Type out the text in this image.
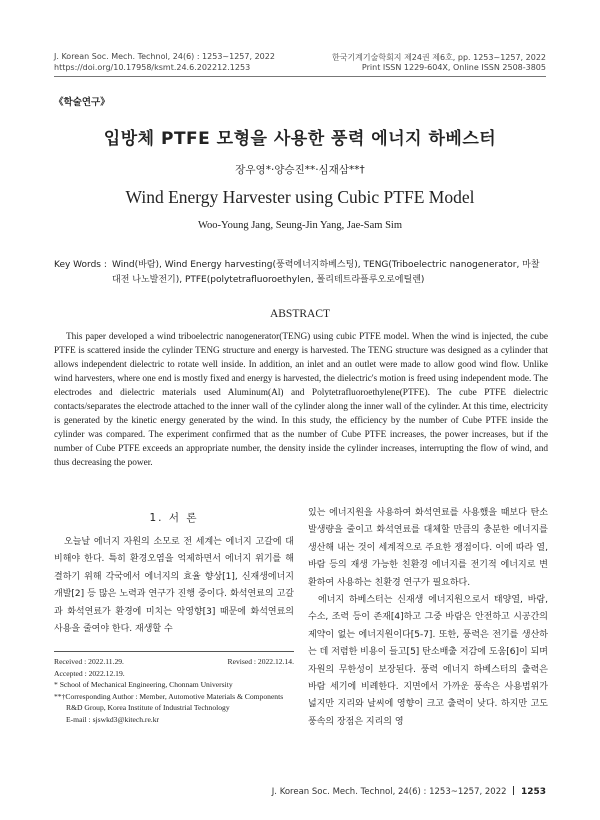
J. Korean Soc. Mech. Technol, 24(6) : 1253~1257, 2022
https://doi.org/10.17958/ksmt.24.6.202212.1253
한국기계기술학회지 제24권 제6호, pp. 1253~1257, 2022
Print ISSN 1229-604X, Online ISSN 2508-3805
《학술연구》
입방체 PTFE 모형을 사용한 풍력 에너지 하베스터
장우영*·양승진**·심재삼**†
Wind Energy Harvester using Cubic PTFE Model
Woo-Young Jang, Seung-Jin Yang, Jae-Sam Sim
Key Words : Wind(바람), Wind Energy harvesting(풍력에너지하베스팅), TENG(Triboelectric nanogenerator, 마찰대전 나노발전기), PTFE(polytetrafluoroethylen, 폴리테트라플루오로에틸렌)
ABSTRACT
This paper developed a wind triboelectric nanogenerator(TENG) using cubic PTFE model. When the wind is injected, the cube PTFE is scattered inside the cylinder TENG structure and energy is harvested. The TENG structure was designed as a cylinder that allows independent dielectric to rotate well inside. In addition, an inlet and an outlet were made to allow good wind flow. Unlike wind harvesters, where one end is mostly fixed and energy is harvested, the dielectric's motion is freed using independent mode. The electrodes and dielectric materials used Aluminum(Al) and Polytetrafluoroethylene(PTFE). The cube PTFE dielectric contacts/separates the electrode attached to the inner wall of the cylinder along the inner wall of the cylinder. At this time, electricity is generated by the kinetic energy generated by the wind. In this study, the efficiency by the number of Cube PTFE inside the cylinder was compared. The experiment confirmed that as the number of Cube PTFE increases, the power increases, but if the number of Cube PTFE exceeds an appropriate number, the density inside the cylinder increases, interrupting the flow of wind, and thus decreasing the power.
1. 서 론

오늘날 에너지 자원의 소모로 전 세계는 에너지 고갈에 대비해야 한다. 특히 환경오염을 억제하면서 에너지 위기를 해결하기 위해 각국에서 에너지의 효율 향상[1], 신재생에너지 개발[2] 등 많은 노력과 연구가 진행 중이다. 화석연료의 고갈과 화석연료가 환경에 미치는 악영향[3] 때문에 화석연료의 사용을 줄여야 한다. 재생할 수

Received : 2022.11.29.	Revised : 2022.12.14.
Accepted : 2022.12.19.
* School of Mechanical Engineering, Chonnam University
**†Corresponding Author : Member, Automotive Materials & Components R&D Group, Korea Institute of Industrial Technology
E-mail : sjswkd3@kitech.re.kr

있는 에너지원을 사용하여 화석연료를 사용했을 때보다 탄소 발생량을 줄이고 화석연료를 대체할 만큼의 충분한 에너지를 생산해 내는 것이 세계적으로 주요한 쟁점이다. 이에 따라 열, 바람 등의 재생 가능한 친환경 에너지를 전기적 에너지로 변환하여 사용하는 친환경 연구가 필요하다.

에너지 하베스터는 신재생 에너지원으로서 태양열, 바람, 수소, 조력 등이 존재[4]하고 그중 바람은 안전하고 시공간의 제약이 없는 에너지원이다[5-7]. 또한, 풍력은 전기를 생산하는 데 저렴한 비용이 들고[5] 탄소배출 저감에 도움[6]이 되며 자원의 무한성이 보장된다. 풍력 에너지 하베스터의 출력은 바람 세기에 비례한다. 지면에서 가까운 풍속은 사용범위가 넓지만 지리와 날씨에 영향이 크고 출력이 낮다. 하지만 고도 풍속의 장점은 지리의 영

J. Korean Soc. Mech. Technol, 24(6) : 1253~1257, 2022 1253
